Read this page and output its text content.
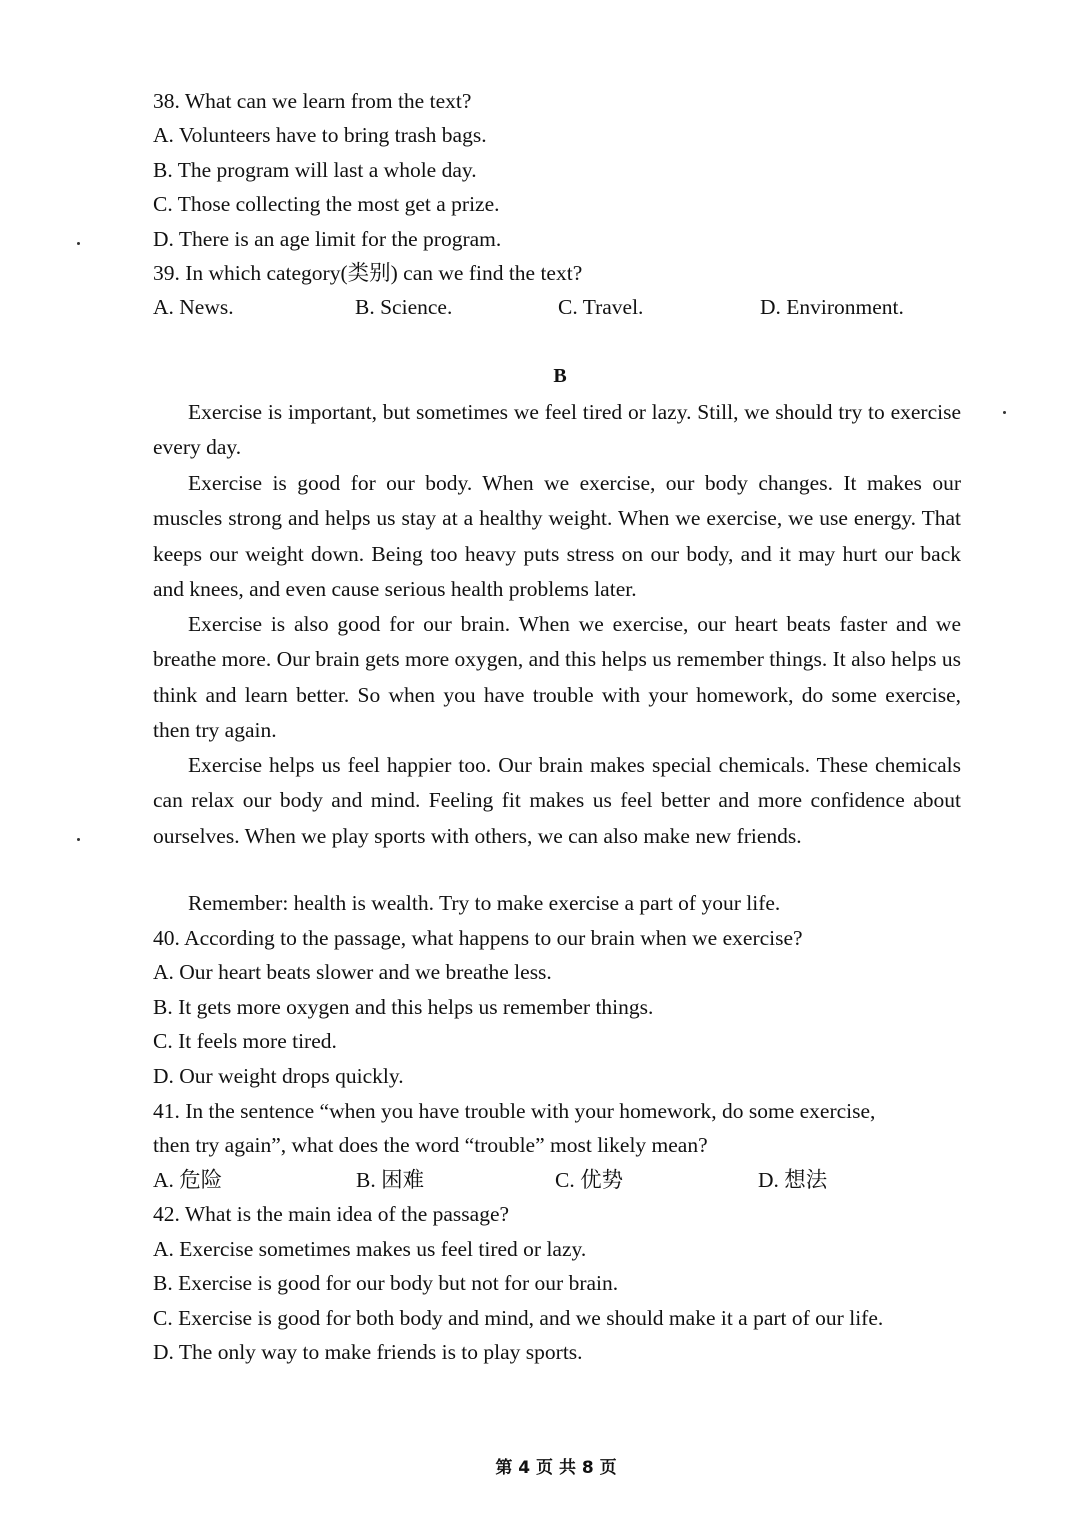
38. What can we learn from the text?
A. Volunteers have to bring trash bags.
B. The program will last a whole day.
C. Those collecting the most get a prize.
D. There is an age limit for the program.
39. In which category(类别) can we find the text?
A. News.	B. Science.	C. Travel.	D. Environment.
B
Exercise is important, but sometimes we feel tired or lazy. Still, we should try to exercise every day.
Exercise is good for our body. When we exercise, our body changes. It makes our muscles strong and helps us stay at a healthy weight. When we exercise, we use energy. That keeps our weight down. Being too heavy puts stress on our body, and it may hurt our back and knees, and even cause serious health problems later.
Exercise is also good for our brain. When we exercise, our heart beats faster and we breathe more. Our brain gets more oxygen, and this helps us remember things. It also helps us think and learn better. So when you have trouble with your homework, do some exercise, then try again.
Exercise helps us feel happier too. Our brain makes special chemicals. These chemicals can relax our body and mind. Feeling fit makes us feel better and more confidence about ourselves. When we play sports with others, we can also make new friends.
Remember: health is wealth. Try to make exercise a part of your life.
40. According to the passage, what happens to our brain when we exercise?
A. Our heart beats slower and we breathe less.
B. It gets more oxygen and this helps us remember things.
C. It feels more tired.
D. Our weight drops quickly.
41. In the sentence “when you have trouble with your homework, do some exercise,
then try again”, what does the word “trouble” most likely mean?
A. 危险	B. 困难	C. 优势	D. 想法
42. What is the main idea of the passage?
A. Exercise sometimes makes us feel tired or lazy.
B. Exercise is good for our body but not for our brain.
C. Exercise is good for both body and mind, and we should make it a part of our life.
D. The only way to make friends is to play sports.
第 4 页 共 8 页
